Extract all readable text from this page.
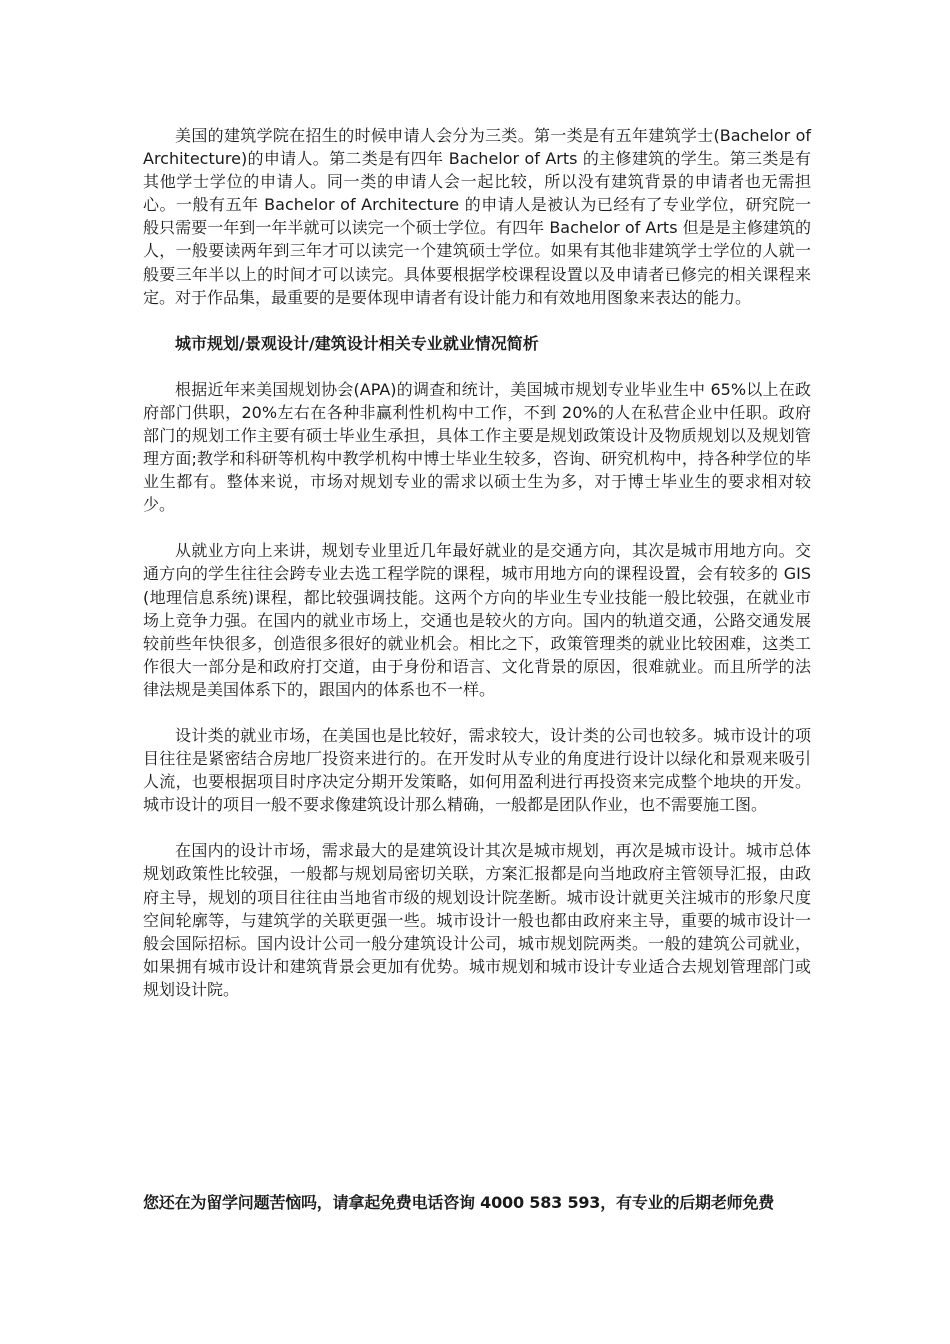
美国的建筑学院在招生的时候申请人会分为三类。第一类是有五年建筑学士(Bachelor of Architecture)的申请人。第二类是有四年 Bachelor of Arts 的主修建筑的学生。第三类是有其他学士学位的申请人。同一类的申请人会一起比较，所以没有建筑背景的申请者也无需担心。一般有五年 Bachelor of Architecture 的申请人是被认为已经有了专业学位，研究院一般只需要一年到一年半就可以读完一个硕士学位。有四年 Bachelor of Arts 但是是主修建筑的人，一般要读两年到三年才可以读完一个建筑硕士学位。如果有其他非建筑学士学位的人就一般要三年半以上的时间才可以读完。具体要根据学校课程设置以及申请者已修完的相关课程来定。对于作品集，最重要的是要体现申请者有设计能力和有效地用图象来表达的能力。

城市规划/景观设计/建筑设计相关专业就业情况简析

根据近年来美国规划协会(APA)的调查和统计，美国城市规划专业毕业生中 65%以上在政府部门供职，20%左右在各种非赢利性机构中工作，不到 20%的人在私营企业中任职。政府部门的规划工作主要有硕士毕业生承担，具体工作主要是规划政策设计及物质规划以及规划管理方面;教学和科研等机构中教学机构中博士毕业生较多，咨询、研究机构中，持各种学位的毕业生都有。整体来说，市场对规划专业的需求以硕士生为多，对于博士毕业生的要求相对较少。

从就业方向上来讲，规划专业里近几年最好就业的是交通方向，其次是城市用地方向。交通方向的学生往往会跨专业去选工程学院的课程，城市用地方向的课程设置，会有较多的 GIS(地理信息系统)课程，都比较强调技能。这两个方向的毕业生专业技能一般比较强，在就业市场上竞争力强。在国内的就业市场上，交通也是较火的方向。国内的轨道交通，公路交通发展较前些年快很多，创造很多很好的就业机会。相比之下，政策管理类的就业比较困难，这类工作很大一部分是和政府打交道，由于身份和语言、文化背景的原因，很难就业。而且所学的法律法规是美国体系下的，跟国内的体系也不一样。

设计类的就业市场，在美国也是比较好，需求较大，设计类的公司也较多。城市设计的项目往往是紧密结合房地厂投资来进行的。在开发时从专业的角度进行设计以绿化和景观来吸引人流，也要根据项目时序决定分期开发策略，如何用盈利进行再投资来完成整个地块的开发。城市设计的项目一般不要求像建筑设计那么精确，一般都是团队作业，也不需要施工图。

在国内的设计市场，需求最大的是建筑设计其次是城市规划，再次是城市设计。城市总体规划政策性比较强，一般都与规划局密切关联，方案汇报都是向当地政府主管领导汇报，由政府主导，规划的项目往往由当地省市级的规划设计院垄断。城市设计就更关注城市的形象尺度空间轮廓等，与建筑学的关联更强一些。城市设计一般也都由政府来主导，重要的城市设计一般会国际招标。国内设计公司一般分建筑设计公司，城市规划院两类。一般的建筑公司就业，如果拥有城市设计和建筑背景会更加有优势。城市规划和城市设计专业适合去规划管理部门或规划设计院。

您还在为留学问题苦恼吗，请拿起免费电话咨询 4000 583 593，有专业的后期老师免费
